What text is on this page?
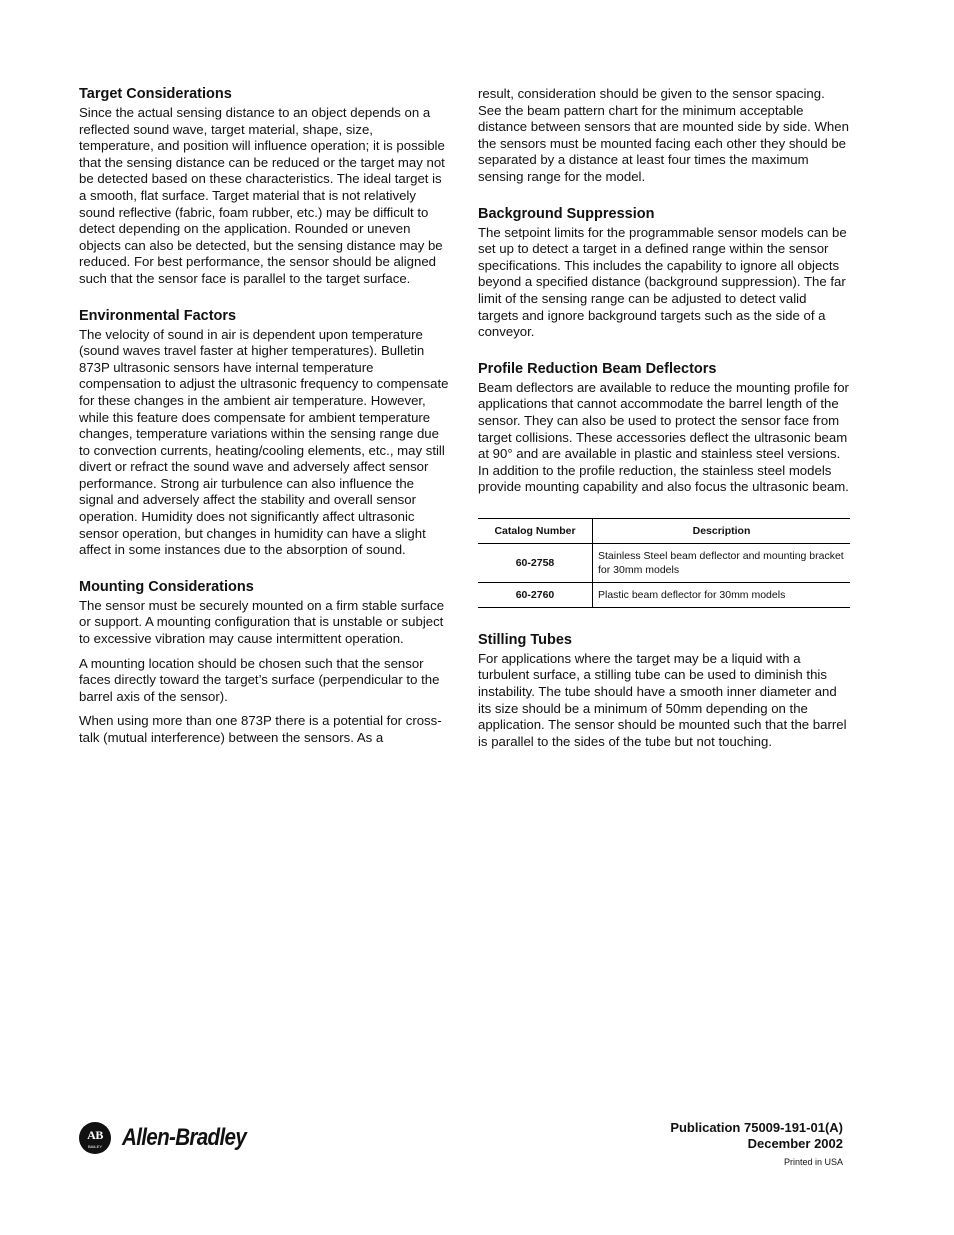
Target Considerations

Since the actual sensing distance to an object depends on a reflected sound wave, target material, shape, size, temperature, and position will influence operation; it is possible that the sensing distance can be reduced or the target may not be detected based on these characteristics. The ideal target is a smooth, flat surface. Target material that is not relatively sound reflective (fabric, foam rubber, etc.) may be difficult to detect depending on the application. Rounded or uneven objects can also be detected, but the sensing distance may be reduced. For best performance, the sensor should be aligned such that the sensor face is parallel to the target surface.

Environmental Factors

The velocity of sound in air is dependent upon temperature (sound waves travel faster at higher temperatures). Bulletin 873P ultrasonic sensors have internal temperature compensation to adjust the ultrasonic frequency to compensate for these changes in the ambient air temperature. However, while this feature does compensate for ambient temperature changes, temperature variations within the sensing range due to convection currents, heating/cooling elements, etc., may still divert or refract the sound wave and adversely affect sensor performance. Strong air turbulence can also influence the signal and adversely affect the stability and overall sensor operation. Humidity does not significantly affect ultrasonic sensor operation, but changes in humidity can have a slight affect in some instances due to the absorption of sound.

Mounting Considerations

The sensor must be securely mounted on a firm stable surface or support. A mounting configuration that is unstable or subject to excessive vibration may cause intermittent operation.

A mounting location should be chosen such that the sensor faces directly toward the target’s surface (perpendicular to the barrel axis of the sensor).

When using more than one 873P there is a potential for cross-talk (mutual interference) between the sensors. As a

result, consideration should be given to the sensor spacing. See the beam pattern chart for the minimum acceptable distance between sensors that are mounted side by side. When the sensors must be mounted facing each other they should be separated by a distance at least four times the maximum sensing range for the model.

Background Suppression

The setpoint limits for the programmable sensor models can be set up to detect a target in a defined range within the sensor specifications. This includes the capability to ignore all objects beyond a specified distance (background suppression). The far limit of the sensing range can be adjusted to detect valid targets and ignore background targets such as the side of a conveyor.

Profile Reduction Beam Deflectors

Beam deflectors are available to reduce the mounting profile for applications that cannot accommodate the barrel length of the sensor. They can also be used to protect the sensor face from target collisions. These accessories deflect the ultrasonic beam at 90° and are available in plastic and stainless steel versions. In addition to the profile reduction, the stainless steel models provide mounting capability and also focus the ultrasonic beam.

Catalog Number	Description
60-2758	Stainless Steel beam deflector and mounting bracket for 30mm models
60-2760	Plastic beam deflector for 30mm models
Stilling Tubes

For applications where the target may be a liquid with a turbulent surface, a stilling tube can be used to diminish this instability. The tube should have a smooth inner diameter and its size should be a minimum of 50mm depending on the application. The sensor should be mounted such that the barrel is parallel to the sides of the tube but not touching.

AB
BAILEY Allen-Bradley	Publication 75009-191-01(A)
December 2002
Printed in USA
